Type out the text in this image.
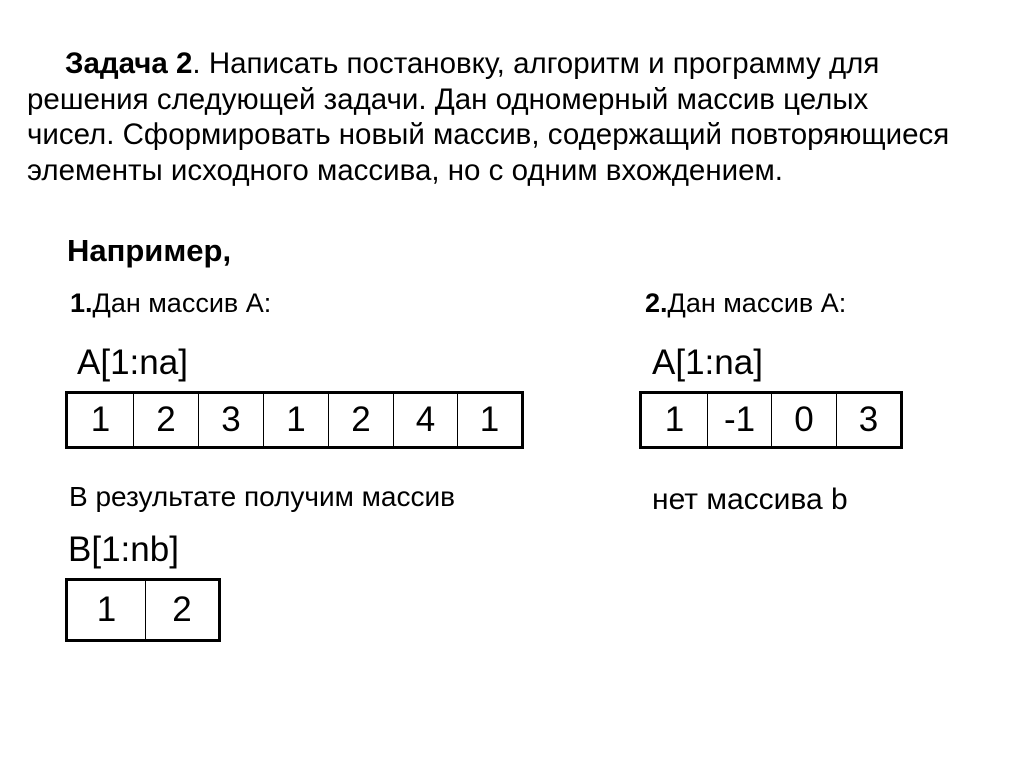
Задача 2. Написать постановку, алгоритм и программу для
решения следующей задачи. Дан одномерный массив целых
чисел. Сформировать новый массив, содержащий повторяющиеся
элементы исходного массива, но с одним вхождением.
Например,
1.Дан массив А:
A[1:na]
1	2	3	1	2	4	1
В результате получим массив
B[1:nb]
1	2
2.Дан массив А:
A[1:na]
1	-1	0	3
нет массива b
